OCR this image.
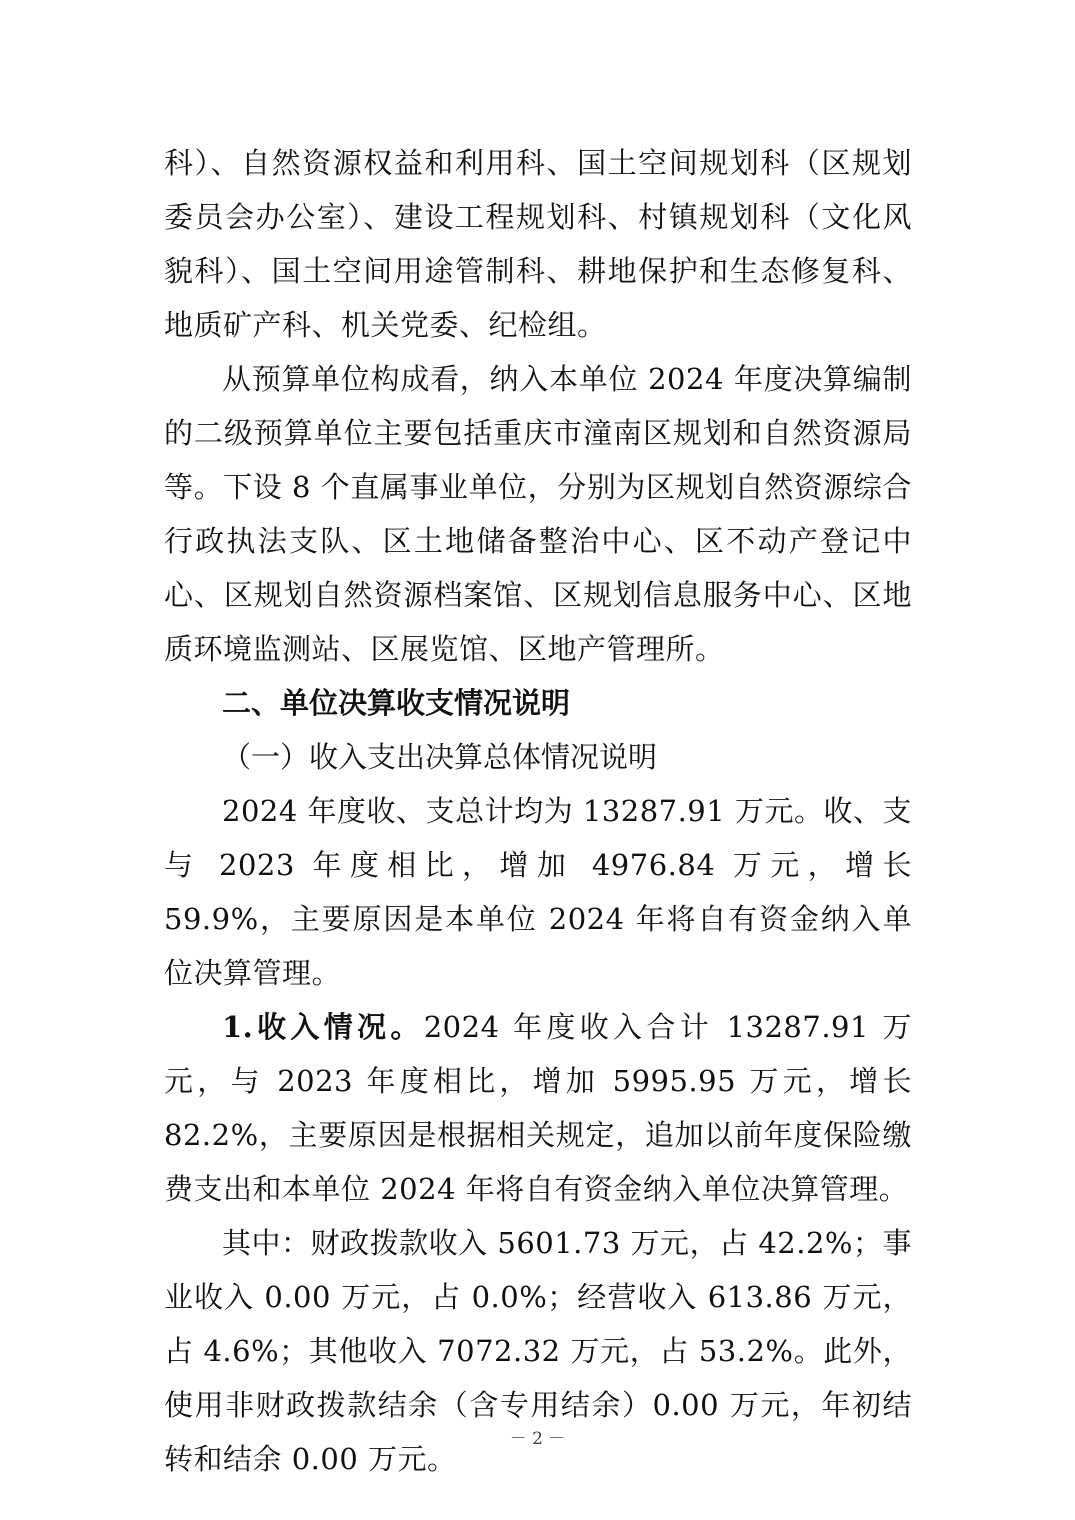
科）、自然资源权益和利用科、国土空间规划科（区规划委员会办公室）、建设工程规划科、村镇规划科（文化风貌科）、国土空间用途管制科、耕地保护和生态修复科、地质矿产科、机关党委、纪检组。

从预算单位构成看，纳入本单位 2024 年度决算编制的二级预算单位主要包括重庆市潼南区规划和自然资源局等。下设 8 个直属事业单位，分别为区规划自然资源综合行政执法支队、区土地储备整治中心、区不动产登记中心、区规划自然资源档案馆、区规划信息服务中心、区地质环境监测站、区展览馆、区地产管理所。

二、单位决算收支情况说明

（一）收入支出决算总体情况说明

2024 年度收、支总计均为 13287.91 万元。收、支与 2023 年度相比，增加 4976.84 万元，增长 59.9%，主要原因是本单位 2024 年将自有资金纳入单位决算管理。

1.收入情况。2024 年度收入合计 13287.91 万元，与 2023 年度相比，增加 5995.95 万元，增长 82.2%，主要原因是根据相关规定，追加以前年度保险缴费支出和本单位 2024 年将自有资金纳入单位决算管理。

其中：财政拨款收入 5601.73 万元，占 42.2%；事业收入 0.00 万元，占 0.0%；经营收入 613.86 万元，占 4.6%；其他收入 7072.32 万元，占 53.2%。此外，使用非财政拨款结余（含专用结余）0.00 万元，年初结转和结余 0.00 万元。

－ 2 －
